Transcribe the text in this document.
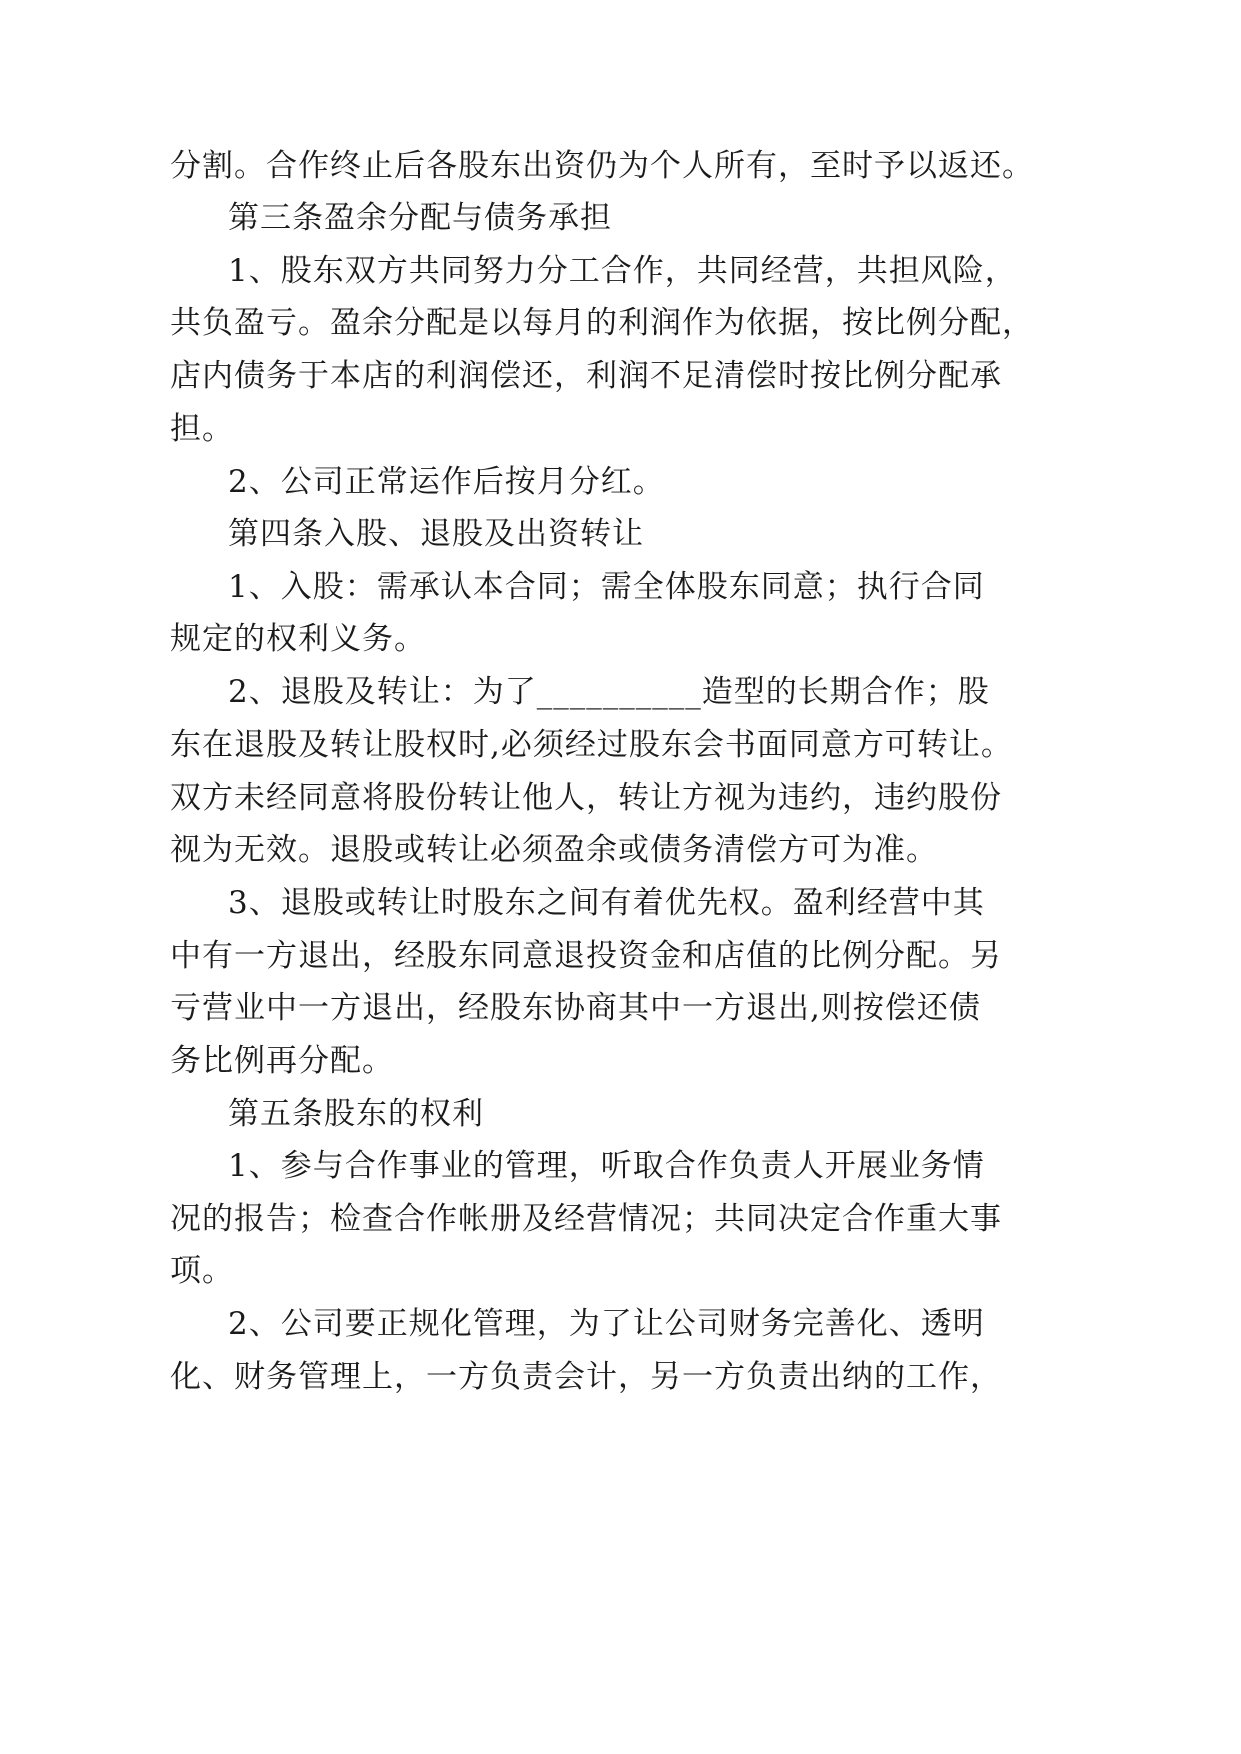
分割。合作终止后各股东出资仍为个人所有，至时予以返还。
第三条盈余分配与债务承担
1、股东双方共同努力分工合作，共同经营，共担风险，
共负盈亏。盈余分配是以每月的利润作为依据，按比例分配，
店内债务于本店的利润偿还，利润不足清偿时按比例分配承
担。
2、公司正常运作后按月分红。
第四条入股、退股及出资转让
1、入股：需承认本合同；需全体股东同意；执行合同
规定的权利义务。
2、退股及转让：为了__________造型的长期合作；股
东在退股及转让股权时,必须经过股东会书面同意方可转让。
双方未经同意将股份转让他人，转让方视为违约，违约股份
视为无效。退股或转让必须盈余或债务清偿方可为准。
3、退股或转让时股东之间有着优先权。盈利经营中其
中有一方退出，经股东同意退投资金和店值的比例分配。另
亏营业中一方退出，经股东协商其中一方退出,则按偿还债
务比例再分配。
第五条股东的权利
1、参与合作事业的管理，听取合作负责人开展业务情
况的报告；检查合作帐册及经营情况；共同决定合作重大事
项。
2、公司要正规化管理，为了让公司财务完善化、透明
化、财务管理上，一方负责会计，另一方负责出纳的工作，
